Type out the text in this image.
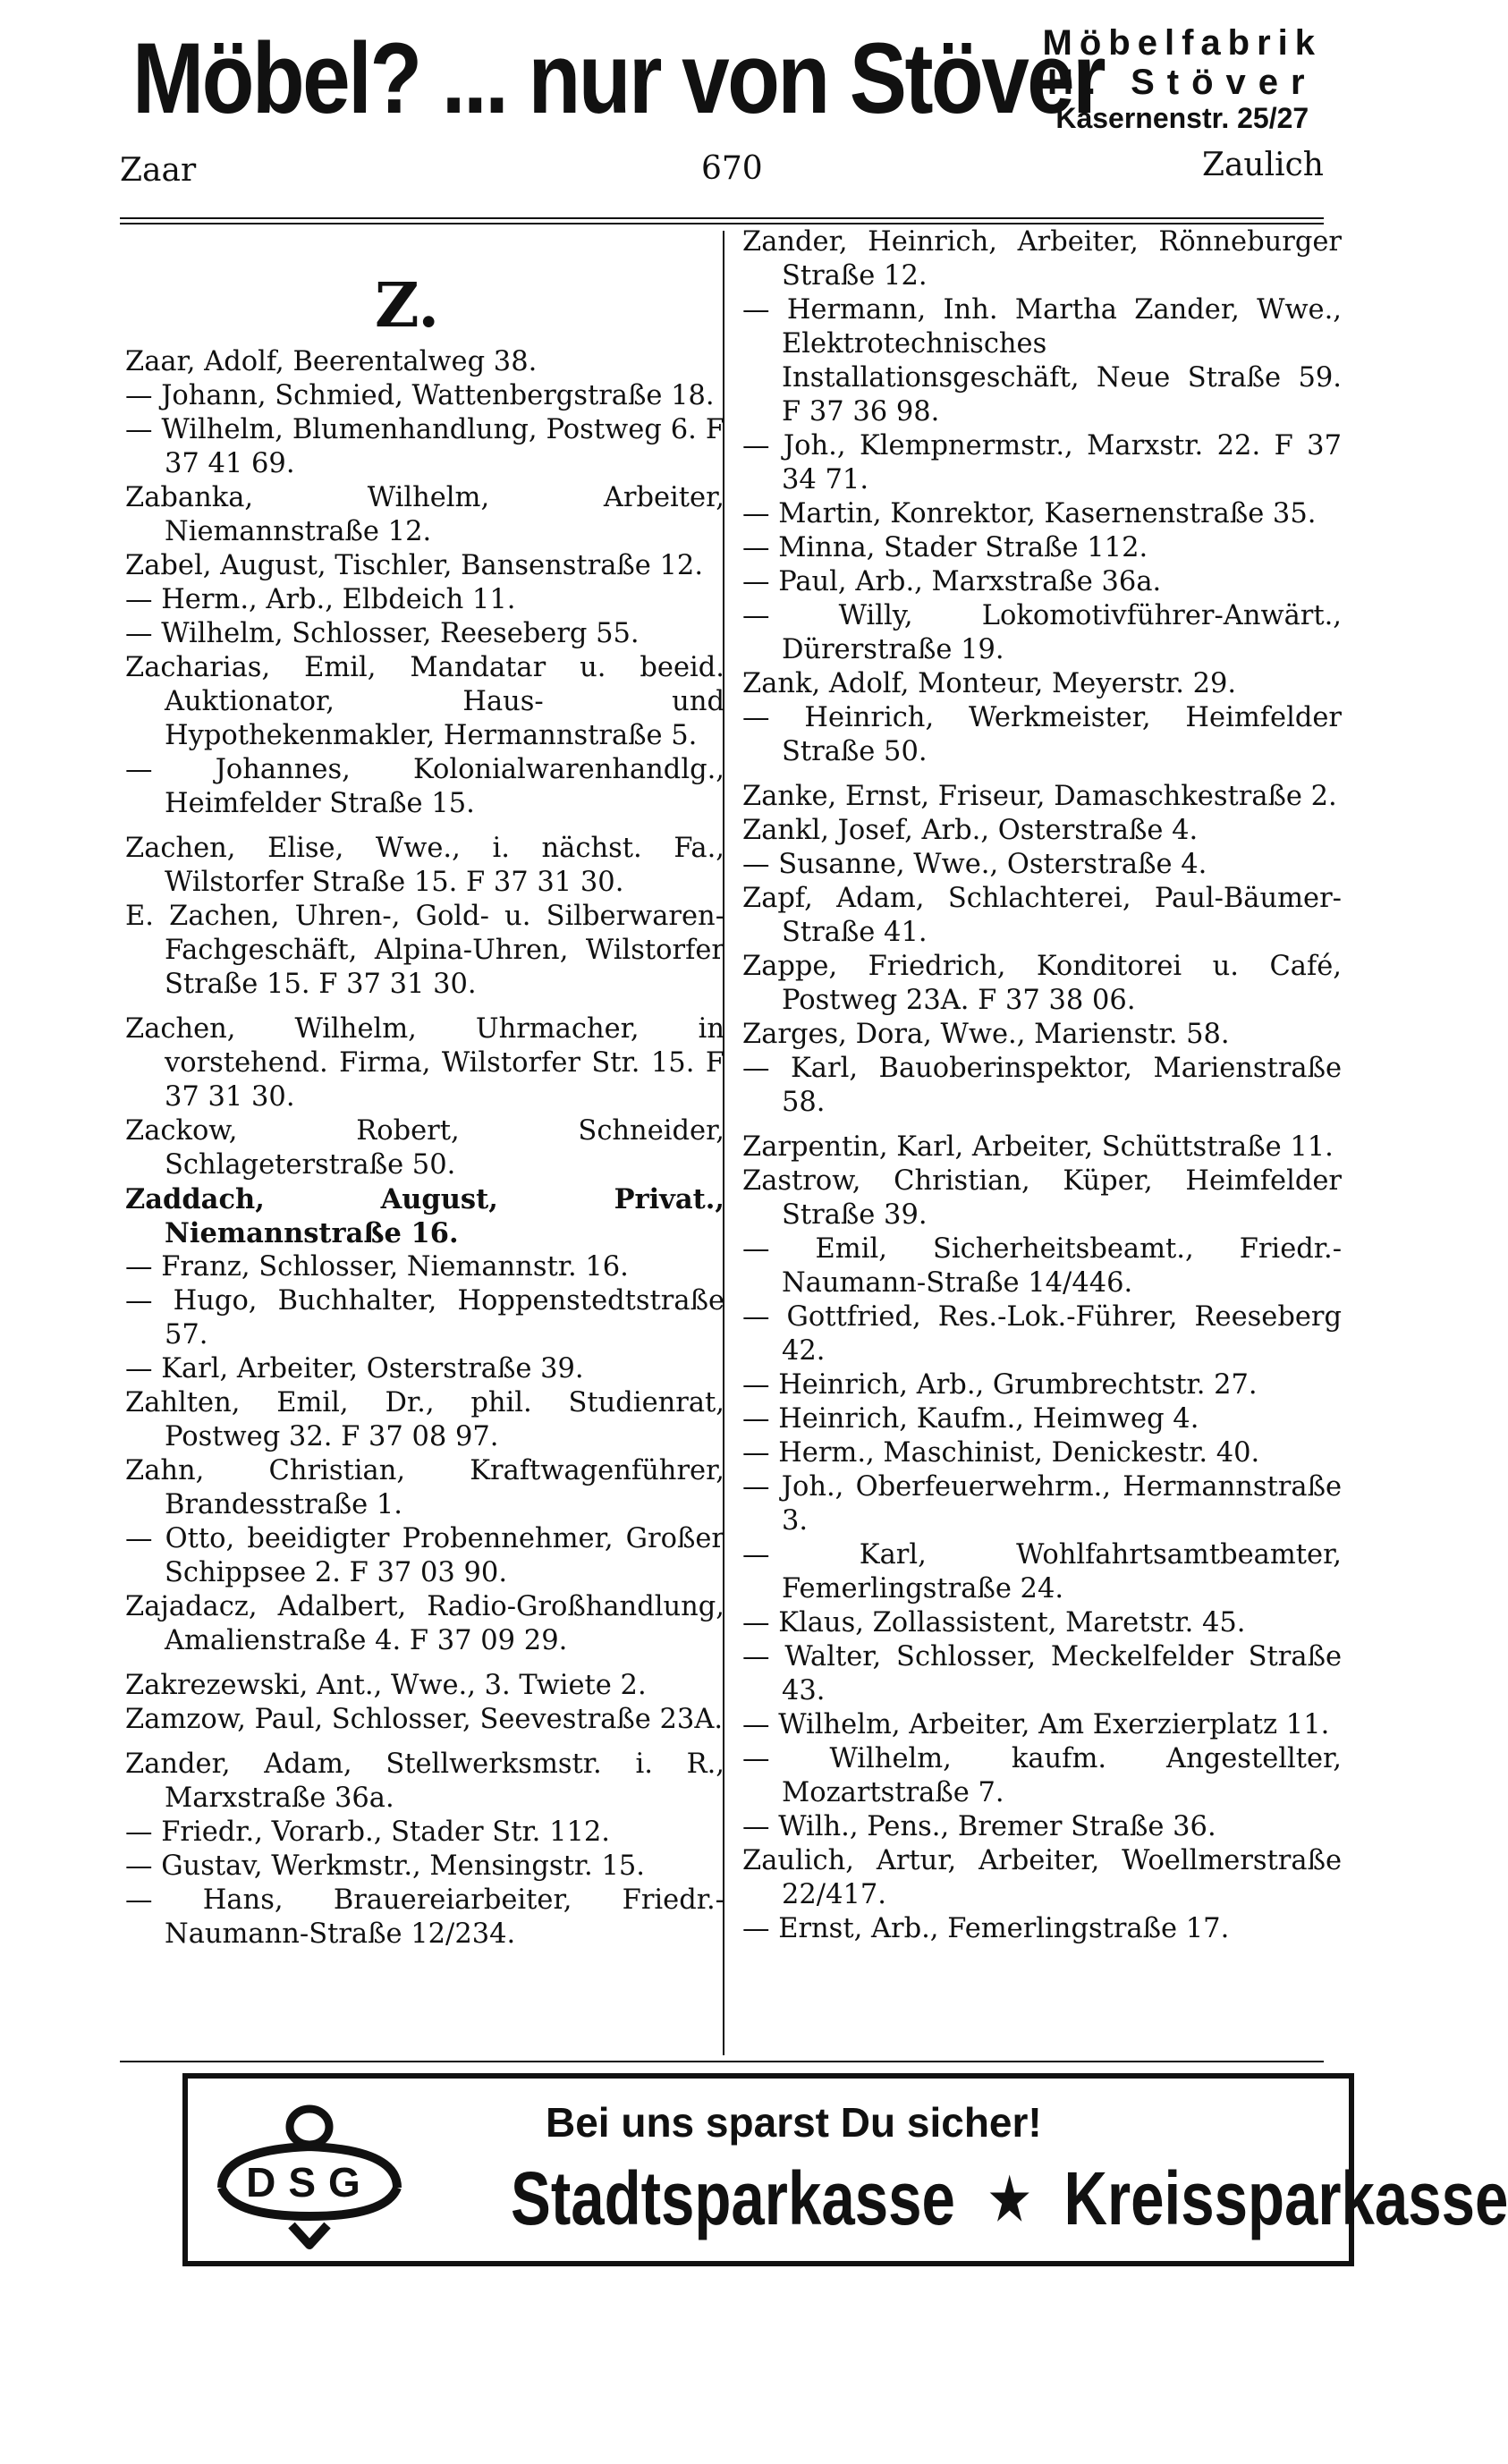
Möbel? ... nur von Stöver
Möbelfabrik
H. Stöver
Kasernenstr. 25/27
Zaar	670	Zaulich
Z.

Zaar, Adolf, Beerentalweg 38.

— Johann, Schmied, Wattenbergstraße 18.

— Wilhelm, Blumenhandlung, Postweg 6. F 37 41 69.

Zabanka, Wilhelm, Arbeiter, Niemannstraße 12.

Zabel, August, Tischler, Bansenstraße 12.

— Herm., Arb., Elbdeich 11.

— Wilhelm, Schlosser, Reeseberg 55.

Zacharias, Emil, Mandatar u. beeid. Auktionator, Haus- und Hypothekenmakler, Hermannstraße 5.

— Johannes, Kolonialwarenhandlg., Heimfelder Straße 15.

Zachen, Elise, Wwe., i. nächst. Fa., Wilstorfer Straße 15. F 37 31 30.

E. Zachen, Uhren-, Gold- u. Silberwaren-Fachgeschäft, Alpina-Uhren, Wilstorfer Straße 15. F 37 31 30.

Zachen, Wilhelm, Uhrmacher, in vorstehend. Firma, Wilstorfer Str. 15. F 37 31 30.

Zackow, Robert, Schneider, Schlageterstraße 50.

Zaddach, August, Privat., Niemannstraße 16.

— Franz, Schlosser, Niemannstr. 16.

— Hugo, Buchhalter, Hoppenstedtstraße 57.

— Karl, Arbeiter, Osterstraße 39.

Zahlten, Emil, Dr., phil. Studienrat, Postweg 32. F 37 08 97.

Zahn, Christian, Kraftwagenführer, Brandesstraße 1.

— Otto, beeidigter Probennehmer, Großer Schippsee 2. F 37 03 90.

Zajadacz, Adalbert, Radio-Großhandlung, Amalienstraße 4. F 37 09 29.

Zakrezewski, Ant., Wwe., 3. Twiete 2.

Zamzow, Paul, Schlosser, Seevestraße 23A.

Zander, Adam, Stellwerksmstr. i. R., Marxstraße 36a.

— Friedr., Vorarb., Stader Str. 112.

— Gustav, Werkmstr., Mensingstr. 15.

— Hans, Brauereiarbeiter, Friedr.-Naumann-Straße 12/234.

Zander, Heinrich, Arbeiter, Rönneburger Straße 12.

— Hermann, Inh. Martha Zander, Wwe., Elektrotechnisches Installationsgeschäft, Neue Straße 59. F 37 36 98.

— Joh., Klempnermstr., Marxstr. 22. F 37 34 71.

— Martin, Konrektor, Kasernenstraße 35.

— Minna, Stader Straße 112.

— Paul, Arb., Marxstraße 36a.

— Willy, Lokomotivführer-Anwärt., Dürerstraße 19.

Zank, Adolf, Monteur, Meyerstr. 29.

— Heinrich, Werkmeister, Heimfelder Straße 50.

Zanke, Ernst, Friseur, Damaschkestraße 2.

Zankl, Josef, Arb., Osterstraße 4.

— Susanne, Wwe., Osterstraße 4.

Zapf, Adam, Schlachterei, Paul-Bäumer-Straße 41.

Zappe, Friedrich, Konditorei u. Café, Postweg 23A. F 37 38 06.

Zarges, Dora, Wwe., Marienstr. 58.

— Karl, Bauoberinspektor, Marienstraße 58.

Zarpentin, Karl, Arbeiter, Schüttstraße 11.

Zastrow, Christian, Küper, Heimfelder Straße 39.

— Emil, Sicherheitsbeamt., Friedr.-Naumann-Straße 14/446.

— Gottfried, Res.-Lok.-Führer, Reeseberg 42.

— Heinrich, Arb., Grumbrechtstr. 27.

— Heinrich, Kaufm., Heimweg 4.

— Herm., Maschinist, Denickestr. 40.

— Joh., Oberfeuerwehrm., Hermannstraße 3.

— Karl, Wohlfahrtsamtbeamter, Femerlingstraße 24.

— Klaus, Zollassistent, Maretstr. 45.

— Walter, Schlosser, Meckelfelder Straße 43.

— Wilhelm, Arbeiter, Am Exerzierplatz 11.

— Wilhelm, kaufm. Angestellter, Mozartstraße 7.

— Wilh., Pens., Bremer Straße 36.

Zaulich, Artur, Arbeiter, Woellmerstraße 22/417.

— Ernst, Arb., Femerlingstraße 17.

DSG
Bei uns sparst Du sicher!
Stadtsparkasse ★ Kreissparkasse
